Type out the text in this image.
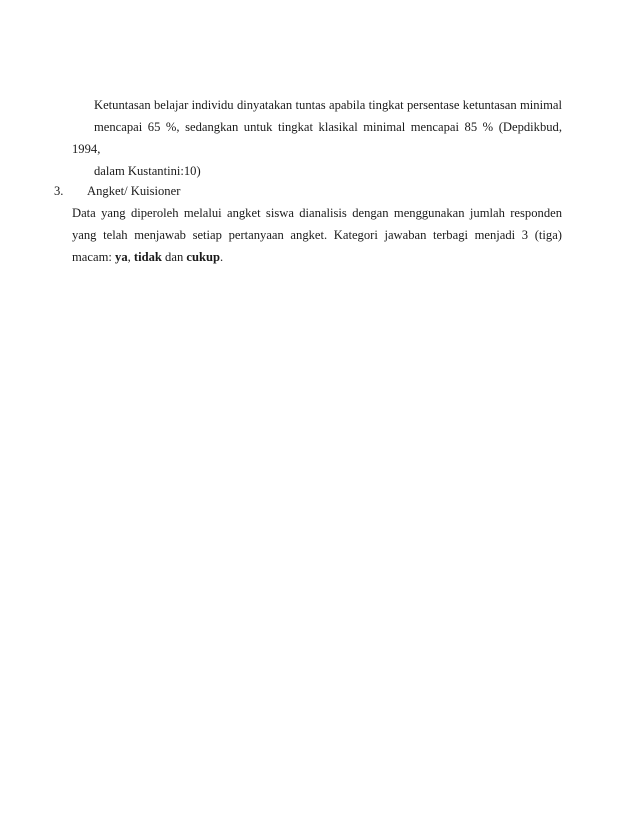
Ketuntasan belajar individu dinyatakan tuntas apabila tingkat persentase ketuntasan minimal
mencapai 65 %, sedangkan untuk tingkat klasikal minimal mencapai 85 % (Depdikbud, 1994,
dalam Kustantini:10)
3. Angket/ Kuisioner
Data yang diperoleh melalui angket siswa dianalisis dengan menggunakan jumlah responden
yang telah menjawab setiap pertanyaan angket. Kategori jawaban terbagi menjadi 3 (tiga)
macam: ya, tidak dan cukup.
